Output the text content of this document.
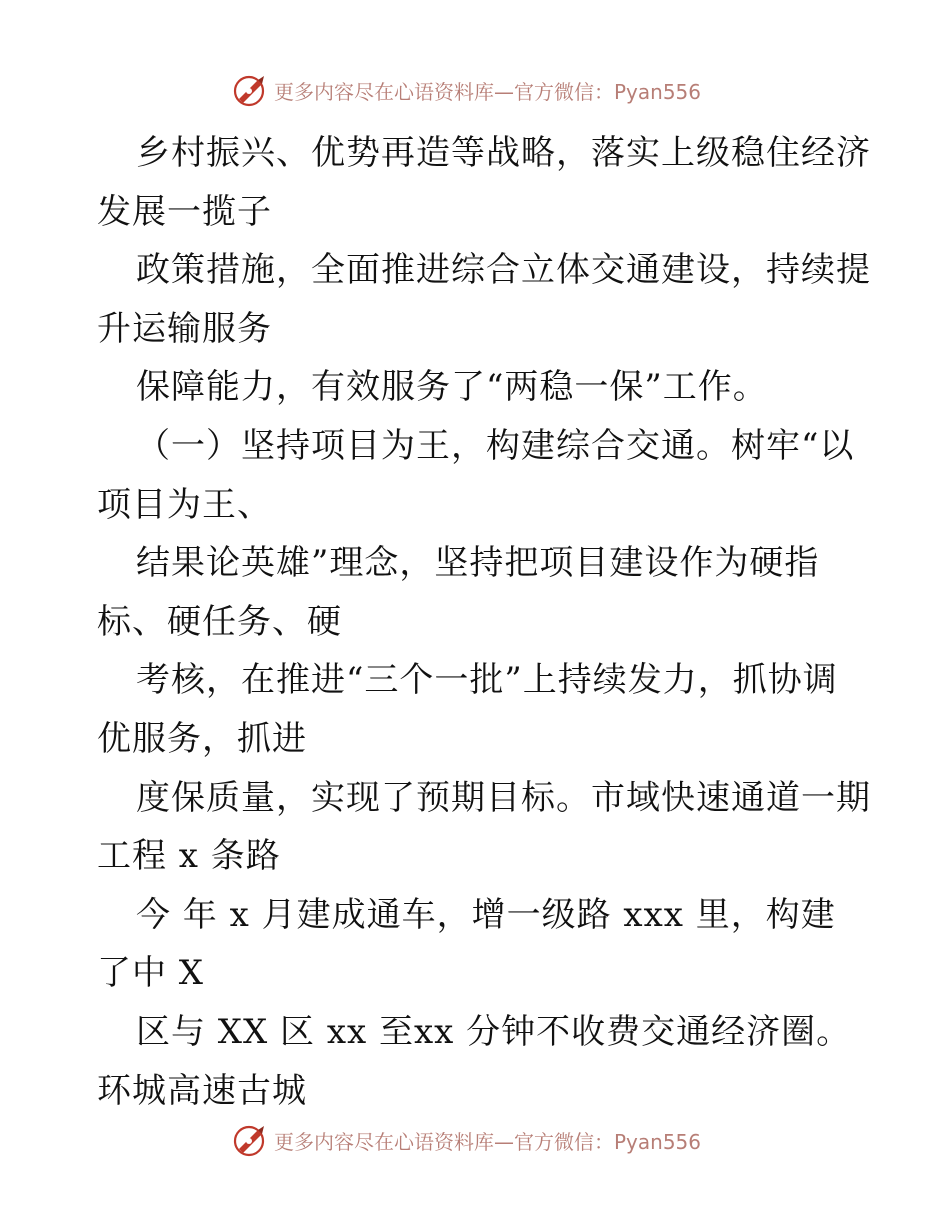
更多内容尽在心语资料库—官方微信：Pyan556
乡村振兴、优势再造等战略，落实上级稳住经济
发展一揽子
政策措施，全面推进综合立体交通建设，持续提
升运输服务
保障能力，有效服务了“两稳一保”工作。
（一）坚持项目为王，构建综合交通。树牢“以
项目为王、
结果论英雄”理念，坚持把项目建设作为硬指
标、硬任务、硬
考核，在推进“三个一批”上持续发力，抓协调
优服务，抓进
度保质量，实现了预期目标。市域快速通道一期
工程 x 条路
今 年 x 月建成通车，增一级路 xxx 里，构建
了中 X
区与 XX 区 xx 至xx 分钟不收费交通经济圈。
环城高速古城
更多内容尽在心语资料库—官方微信：Pyan556
